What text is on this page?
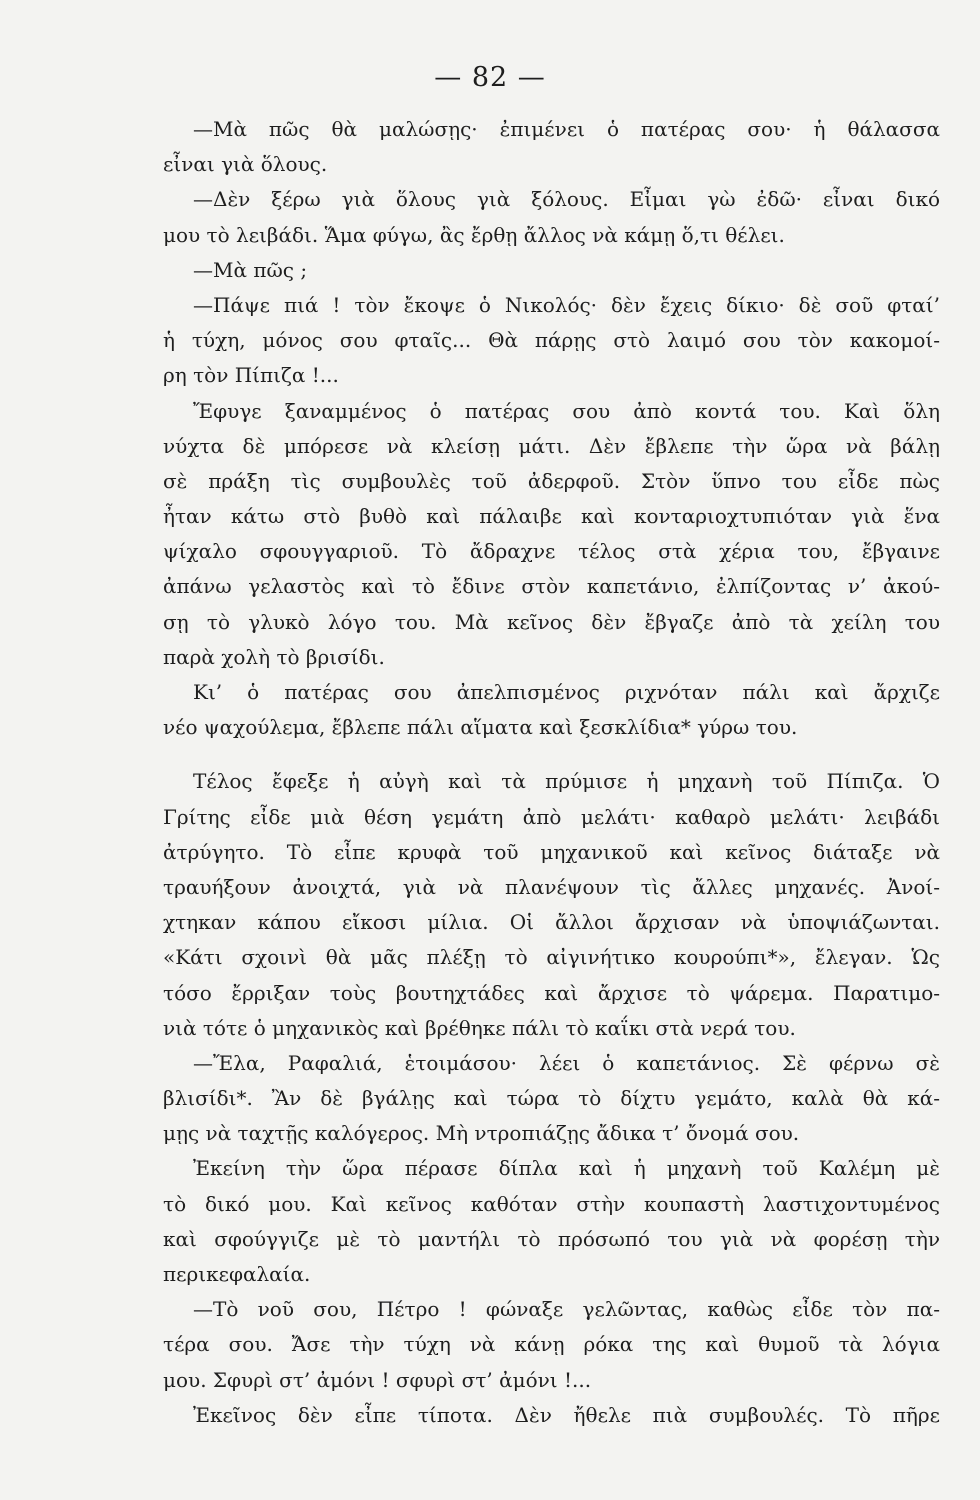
— 82 —
—Μὰ πῶς θὰ μαλώσῃς· ἐπιμένει ὁ πατέρας σου· ἡ θάλασσα
εἶναι γιὰ ὅλους.
—Δὲν ξέρω γιὰ ὅλους γιὰ ξόλους. Εἶμαι γὼ ἐδῶ· εἶναι δικό
μου τὸ λειβάδι. Ἅμα φύγω, ἂς ἔρθῃ ἄλλος νὰ κάμῃ ὅ,τι θέλει.
—Μὰ πῶς ;
—Πάψε πιά ! τὸν ἔκοψε ὁ Νικολός· δὲν ἔχεις δίκιο· δὲ σοῦ φταί’
ἡ τύχη, μόνος σου φταῖς... Θὰ πάρῃς στὸ λαιμό σου τὸν κακομοί-
ρη τὸν Πίπιζα !...
Ἔφυγε ξαναμμένος ὁ πατέρας σου ἀπὸ κοντά του. Καὶ ὅλη
νύχτα δὲ μπόρεσε νὰ κλείσῃ μάτι. Δὲν ἔβλεπε τὴν ὥρα νὰ βάλῃ
σὲ πράξη τὶς συμβουλὲς τοῦ ἀδερφοῦ. Στὸν ὕπνο του εἶδε πὼς
ἦταν κάτω στὸ βυθὸ καὶ πάλαιβε καὶ κονταριοχτυπιόταν γιὰ ἕνα
ψίχαλο σφουγγαριοῦ. Τὸ ἄδραχνε τέλος στὰ χέρια του, ἔβγαινε
ἀπάνω γελαστὸς καὶ τὸ ἔδινε στὸν καπετάνιο, ἐλπίζοντας ν’ ἀκού-
σῃ τὸ γλυκὸ λόγο του. Μὰ κεῖνος δὲν ἔβγαζε ἀπὸ τὰ χείλη του
παρὰ χολὴ τὸ βρισίδι.
Κι’ ὁ πατέρας σου ἀπελπισμένος ριχνόταν πάλι καὶ ἄρχιζε
νέο ψαχούλεμα, ἔβλεπε πάλι αἵματα καὶ ξεσκλίδια* γύρω του.
Τέλος ἔφεξε ἡ αὐγὴ καὶ τὰ πρύμισε ἡ μηχανὴ τοῦ Πίπιζα. Ὁ
Γρίτης εἶδε μιὰ θέση γεμάτη ἀπὸ μελάτι· καθαρὸ μελάτι· λειβάδι
ἀτρύγητο. Τὸ εἶπε κρυφὰ τοῦ μηχανικοῦ καὶ κεῖνος διάταξε νὰ
τραυήξουν ἀνοιχτά, γιὰ νὰ πλανέψουν τὶς ἄλλες μηχανές. Ἀνοί-
χτηκαν κάπου εἴκοσι μίλια. Οἱ ἄλλοι ἄρχισαν νὰ ὑποψιάζωνται.
«Κάτι σχοινὶ θὰ μᾶς πλέξῃ τὸ αἰγινήτικο κουρούπι*», ἔλεγαν. Ὡς
τόσο ἔρριξαν τοὺς βουτηχτάδες καὶ ἄρχισε τὸ ψάρεμα. Παρατιμο-
νιὰ τότε ὁ μηχανικὸς καὶ βρέθηκε πάλι τὸ καΐκι στὰ νερά του.
—Ἔλα, Ραφαλιά, ἑτοιμάσου· λέει ὁ καπετάνιος. Σὲ φέρνω σὲ
βλισίδι*. Ἂν δὲ βγάλῃς καὶ τώρα τὸ δίχτυ γεμάτο, καλὰ θὰ κά-
μῃς νὰ ταχτῇς καλόγερος. Μὴ ντροπιάζῃς ἄδικα τ’ ὄνομά σου.
Ἐκείνη τὴν ὥρα πέρασε δίπλα καὶ ἡ μηχανὴ τοῦ Καλέμη μὲ
τὸ δικό μου. Καὶ κεῖνος καθόταν στὴν κουπαστὴ λαστιχοντυμένος
καὶ σφούγγιζε μὲ τὸ μαντήλι τὸ πρόσωπό του γιὰ νὰ φορέσῃ τὴν
περικεφαλαία.
—Τὸ νοῦ σου, Πέτρο ! φώναξε γελῶντας, καθὼς εἶδε τὸν πα-
τέρα σου. Ἄσε τὴν τύχη νὰ κάνῃ ρόκα της καὶ θυμοῦ τὰ λόγια
μου. Σφυρὶ στ’ ἀμόνι ! σφυρὶ στ’ ἀμόνι !...
Ἐκεῖνος δὲν εἶπε τίποτα. Δὲν ἤθελε πιὰ συμβουλές. Τὸ πῆρε
